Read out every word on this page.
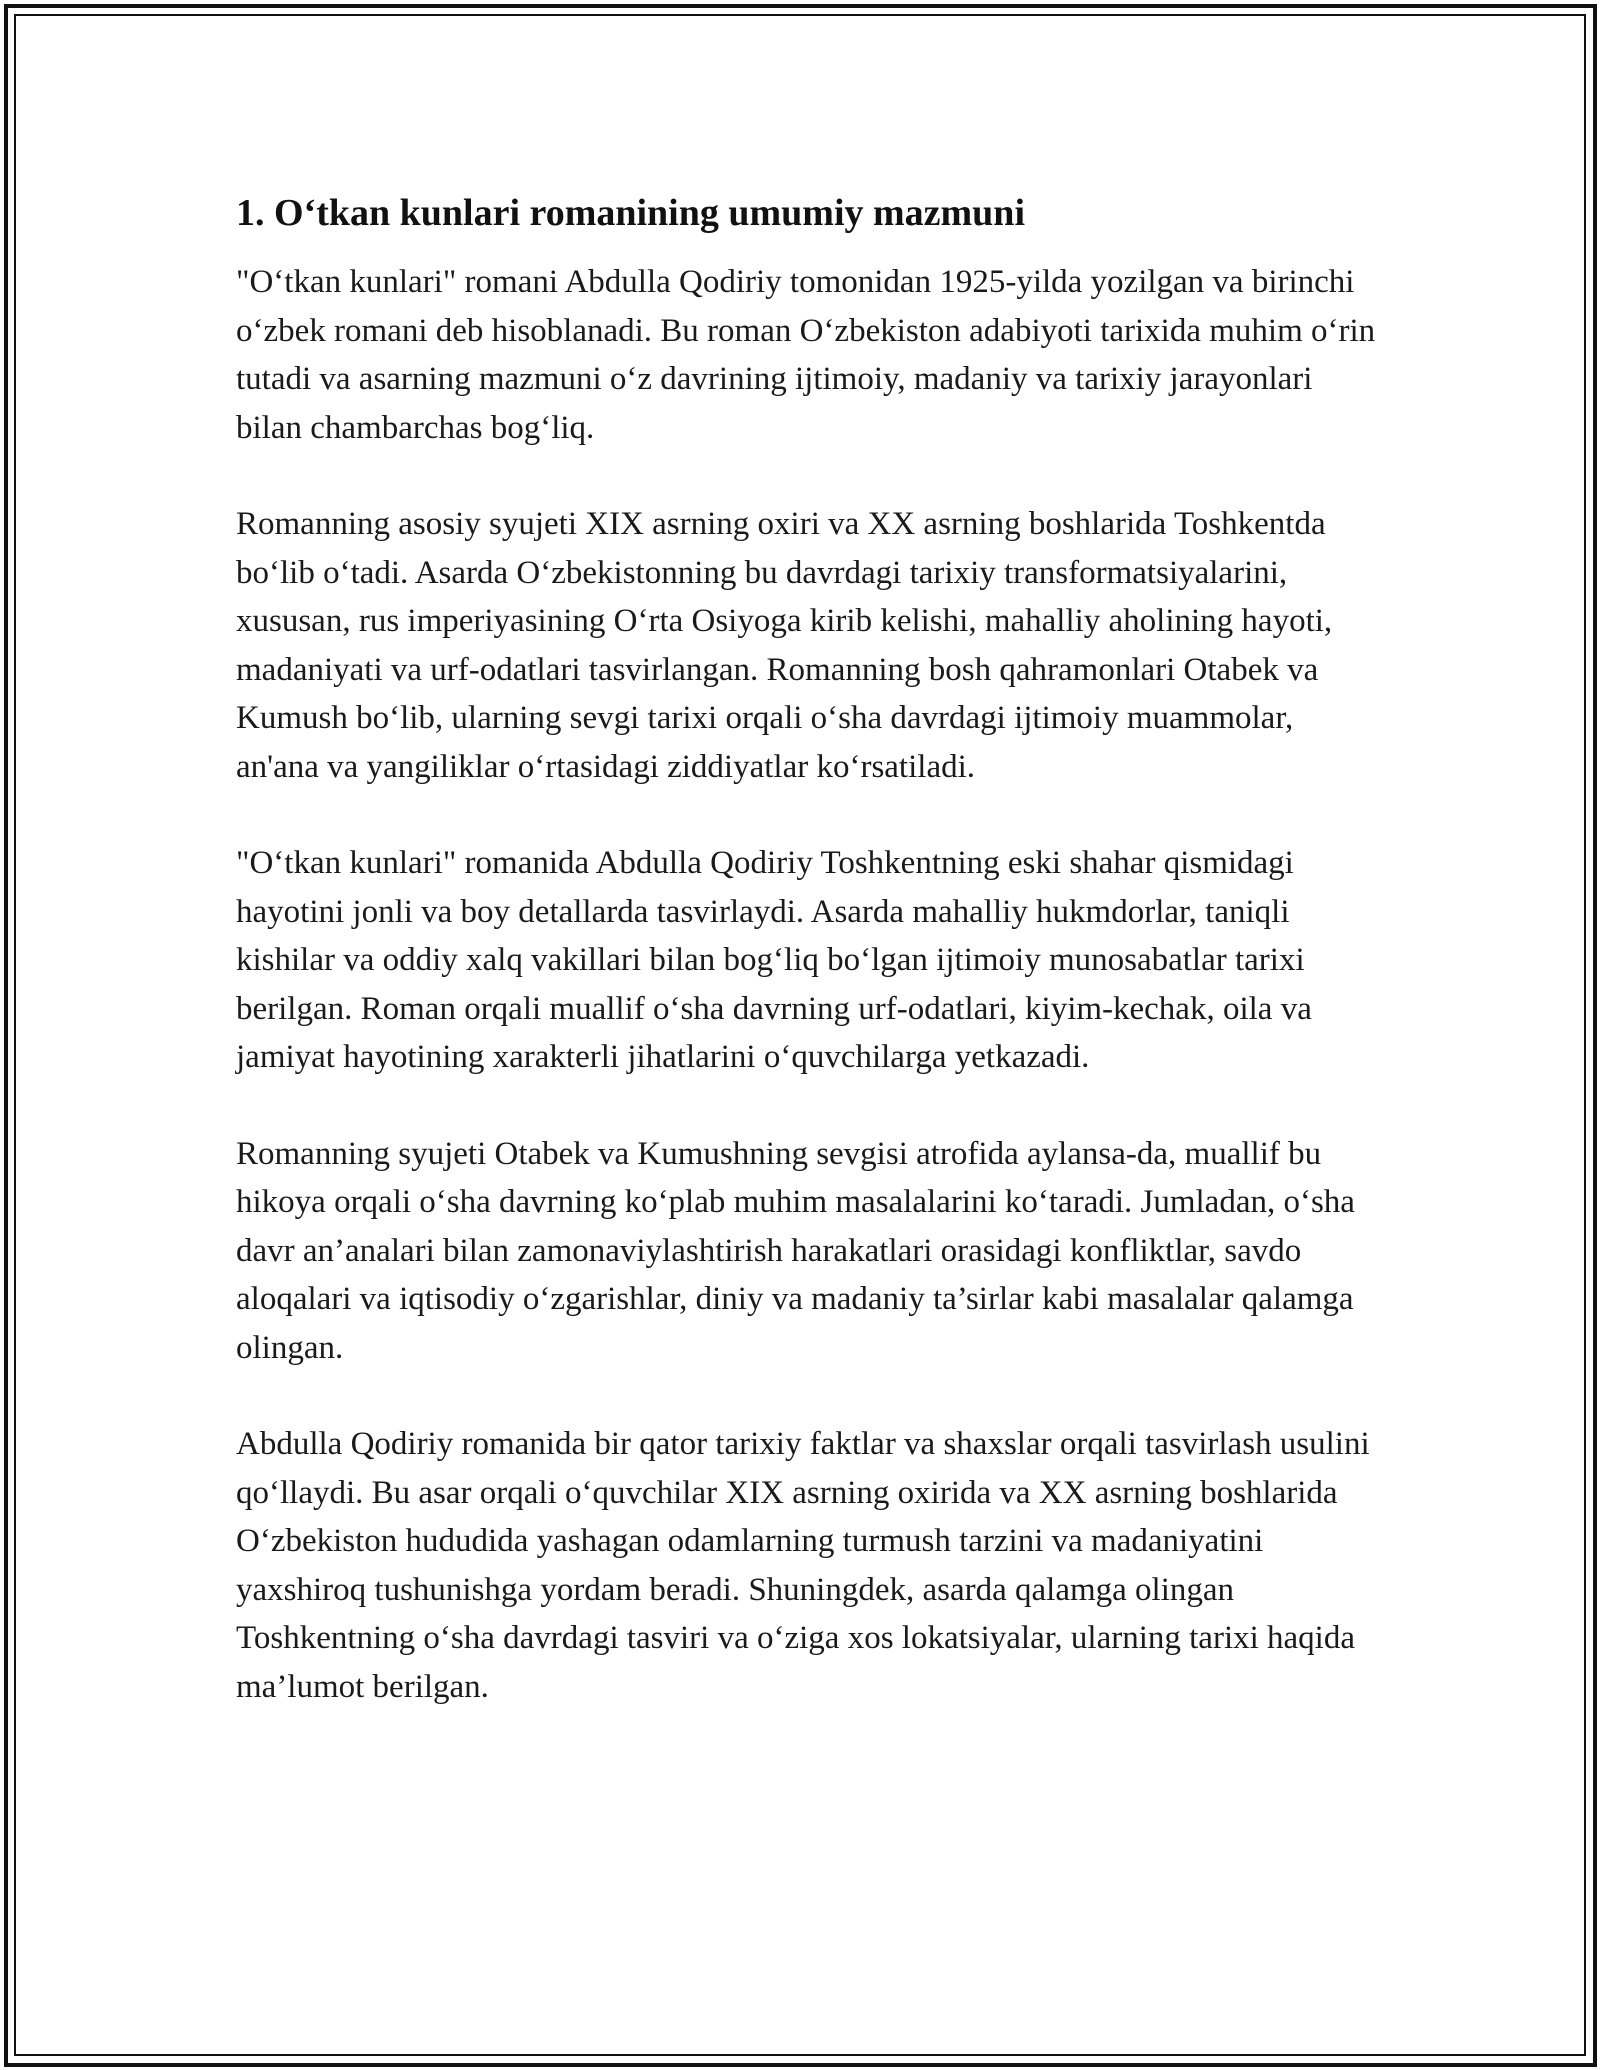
1. O‘tkan kunlari romanining umumiy mazmuni

"O‘tkan kunlari" romani Abdulla Qodiriy tomonidan 1925-yilda yozilgan va birinchi o‘zbek romani deb hisoblanadi. Bu roman O‘zbekiston adabiyoti tarixida muhim o‘rin tutadi va asarning mazmuni o‘z davrining ijtimoiy, madaniy va tarixiy jarayonlari bilan chambarchas bog‘liq.

Romanning asosiy syujeti XIX asrning oxiri va XX asrning boshlarida Toshkentda bo‘lib o‘tadi. Asarda O‘zbekistonning bu davrdagi tarixiy transformatsiyalarini, xususan, rus imperiyasining O‘rta Osiyoga kirib kelishi, mahalliy aholining hayoti, madaniyati va urf-odatlari tasvirlangan. Romanning bosh qahramonlari Otabek va Kumush bo‘lib, ularning sevgi tarixi orqali o‘sha davrdagi ijtimoiy muammolar, an'ana va yangiliklar o‘rtasidagi ziddiyatlar ko‘rsatiladi.

"O‘tkan kunlari" romanida Abdulla Qodiriy Toshkentning eski shahar qismidagi hayotini jonli va boy detallarda tasvirlaydi. Asarda mahalliy hukmdorlar, taniqli kishilar va oddiy xalq vakillari bilan bog‘liq bo‘lgan ijtimoiy munosabatlar tarixi berilgan. Roman orqali muallif o‘sha davrning urf-odatlari, kiyim-kechak, oila va jamiyat hayotining xarakterli jihatlarini o‘quvchilarga yetkazadi.

Romanning syujeti Otabek va Kumushning sevgisi atrofida aylansa-da, muallif bu hikoya orqali o‘sha davrning ko‘plab muhim masalalarini ko‘taradi. Jumladan, o‘sha davr an’analari bilan zamonaviylashtirish harakatlari orasidagi konfliktlar, savdo aloqalari va iqtisodiy o‘zgarishlar, diniy va madaniy ta’sirlar kabi masalalar qalamga olingan.

Abdulla Qodiriy romanida bir qator tarixiy faktlar va shaxslar orqali tasvirlash usulini qo‘llaydi. Bu asar orqali o‘quvchilar XIX asrning oxirida va XX asrning boshlarida O‘zbekiston hududida yashagan odamlarning turmush tarzini va madaniyatini yaxshiroq tushunishga yordam beradi. Shuningdek, asarda qalamga olingan Toshkentning o‘sha davrdagi tasviri va o‘ziga xos lokatsiyalar, ularning tarixi haqida ma’lumot berilgan.
